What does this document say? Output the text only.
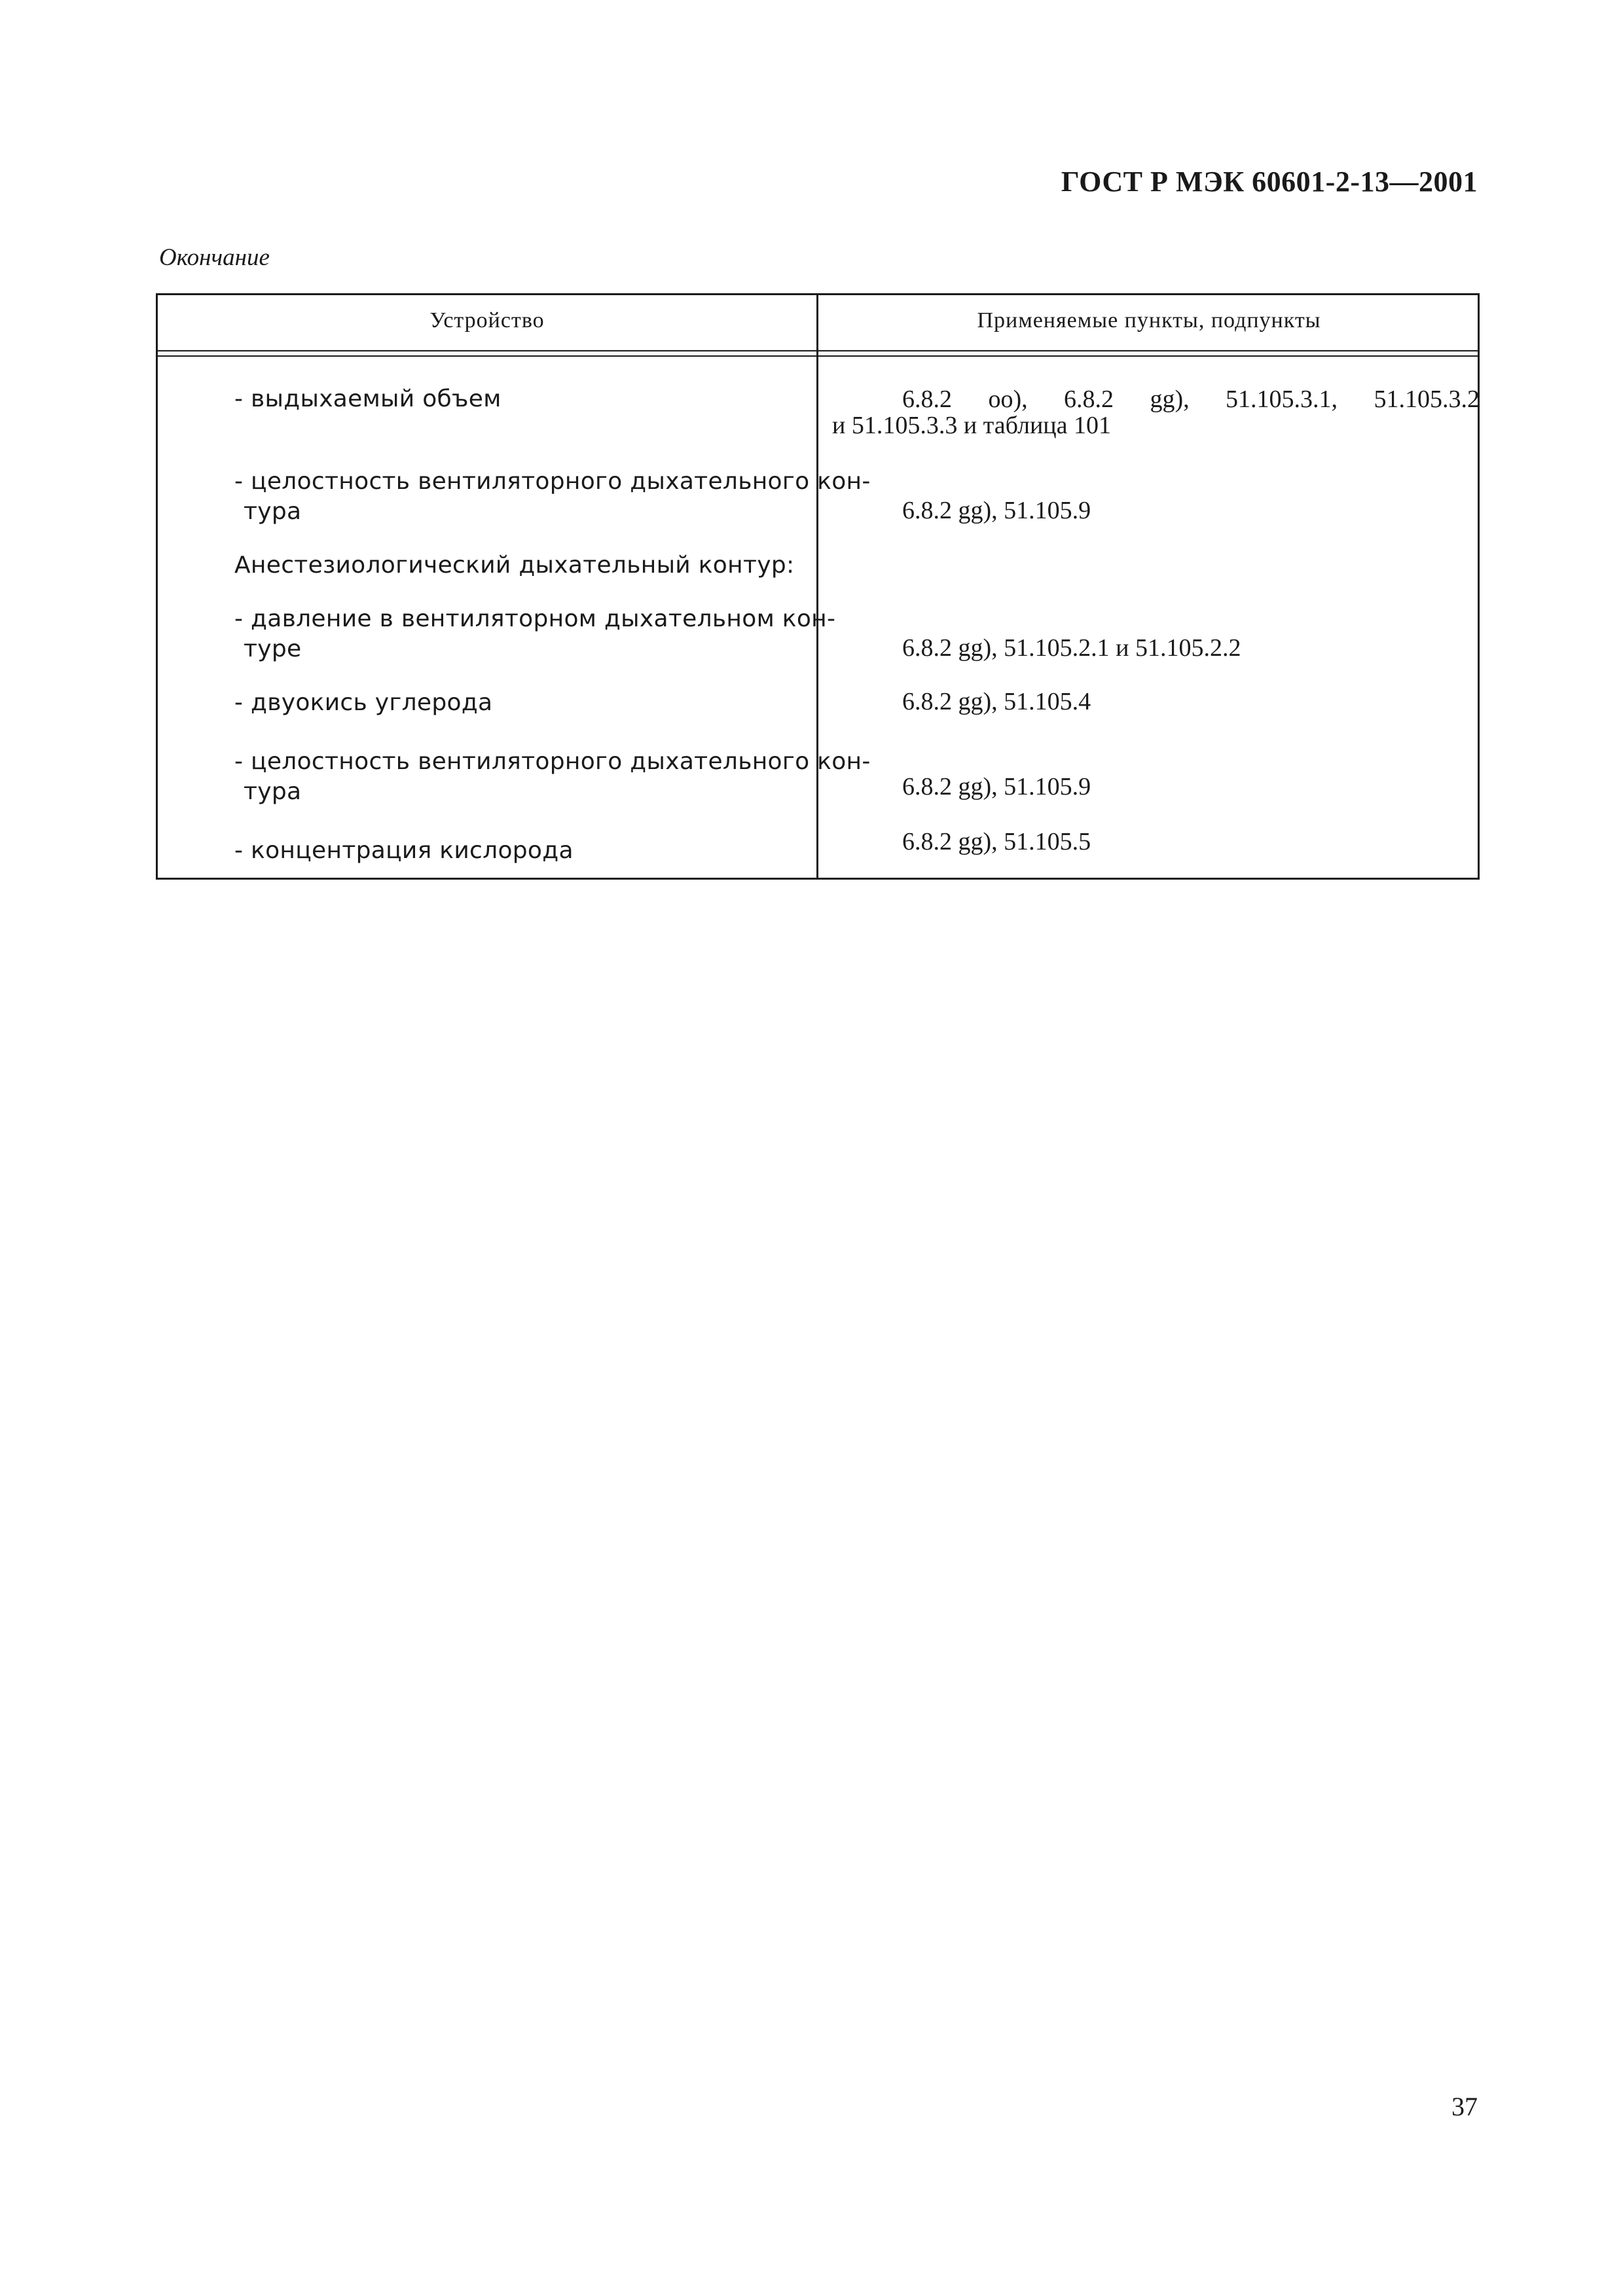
ГОСТ Р МЭК 60601-2-13—2001
Окончание
Устройство	Применяемые пункты, подпункты
- выдыхаемый объем	6.8.2 oo), 6.8.2 gg), 51.105.3.1, 51.105.3.2
и 51.105.3.3 и таблица 101
- целостность вентиляторного дыхательного кон-
тура	6.8.2 gg), 51.105.9
Анестезиологический дыхательный контур:
- давление в вентиляторном дыхательном кон-
туре	6.8.2 gg), 51.105.2.1 и 51.105.2.2
- двуокись углерода	6.8.2 gg), 51.105.4
- целостность вентиляторного дыхательного кон-
тура	6.8.2 gg), 51.105.9
- концентрация кислорода	6.8.2 gg), 51.105.5
37
